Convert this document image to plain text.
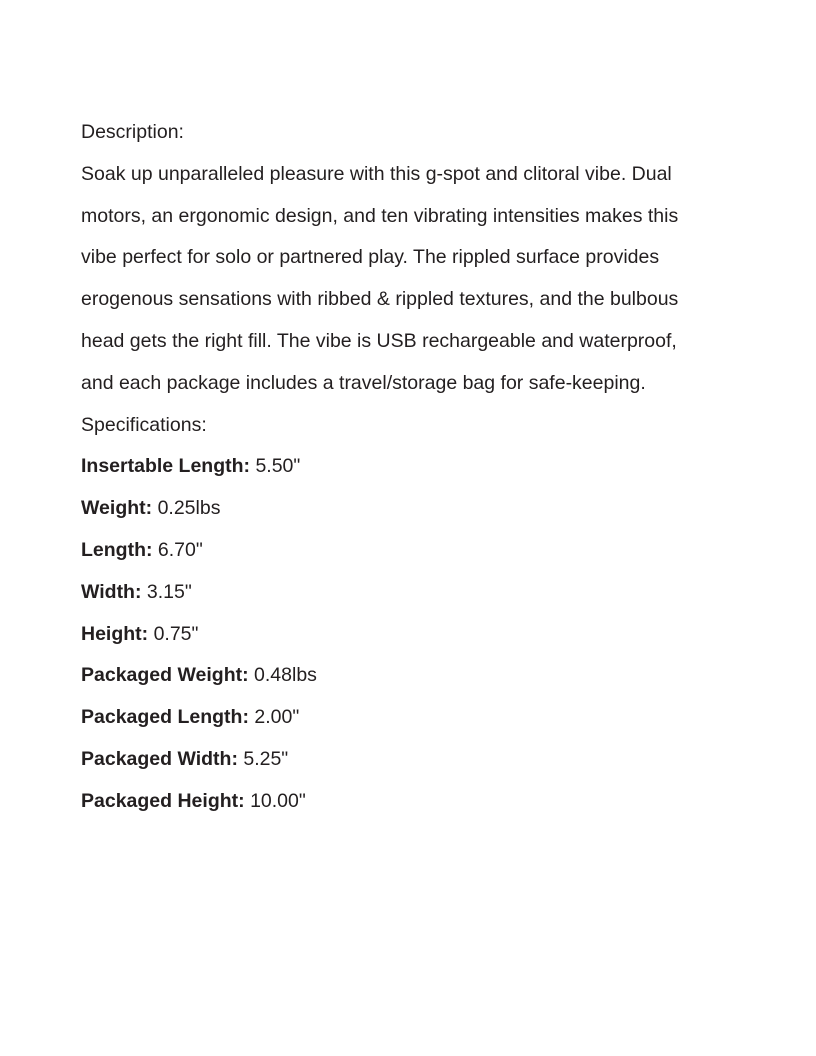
Description:
Soak up unparalleled pleasure with this g-spot and clitoral vibe. Dual motors, an ergonomic design, and ten vibrating intensities makes this vibe perfect for solo or partnered play. The rippled surface provides erogenous sensations with ribbed & rippled textures, and the bulbous head gets the right fill. The vibe is USB rechargeable and waterproof, and each package includes a travel/storage bag for safe-keeping.
Specifications:
Insertable Length: 5.50"
Weight: 0.25lbs
Length: 6.70"
Width: 3.15"
Height: 0.75"
Packaged Weight: 0.48lbs
Packaged Length: 2.00"
Packaged Width: 5.25"
Packaged Height: 10.00"
